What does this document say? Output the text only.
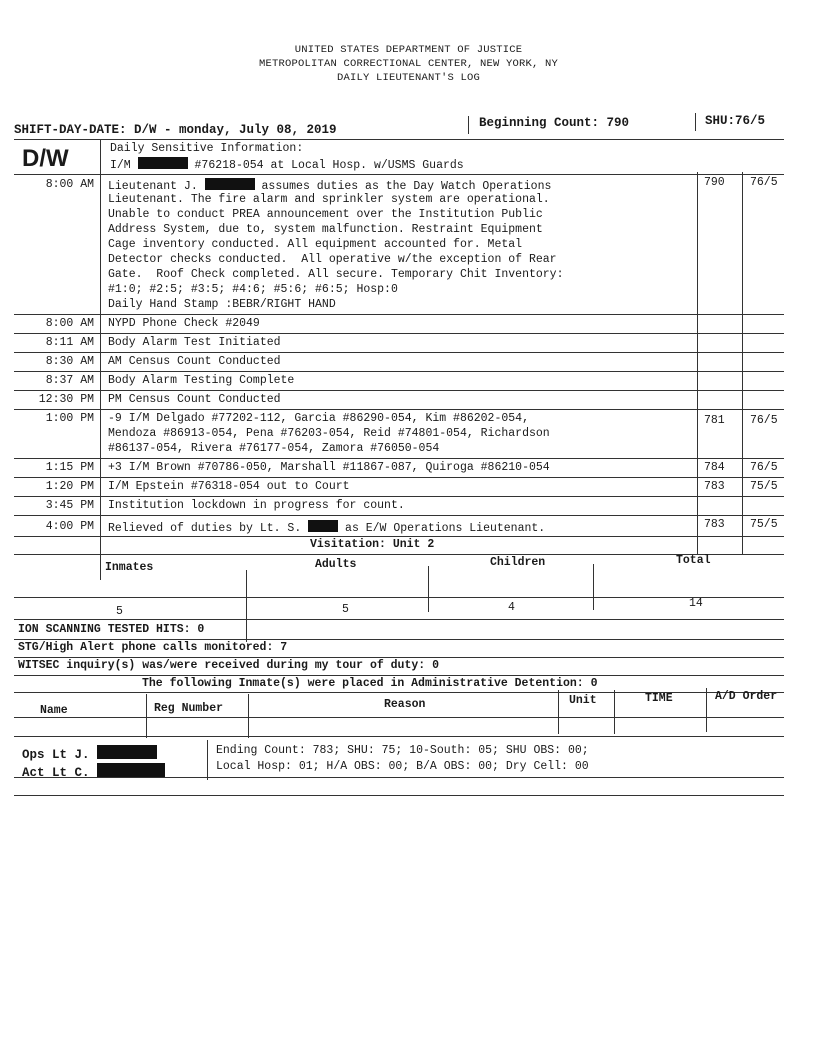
UNITED STATES DEPARTMENT OF JUSTICE
METROPOLITAN CORRECTIONAL CENTER, NEW YORK, NY
DAILY LIEUTENANT'S LOG
SHIFT-DAY-DATE: D/W - monday, July 08, 2019	Beginning Count: 790	SHU:76/5
D/W	Daily Sensitive Information:
I/M	#76218-054 at Local Hosp. w/USMS Guards
8:00 AM Lieutenant J.	assumes duties as the Day Watch Operations
Lieutenant. The fire alarm and sprinkler system are operational.
Unable to conduct PREA announcement over the Institution Public
Address System, due to, system malfunction. Restraint Equipment
Cage inventory conducted. All equipment accounted for. Metal
Detector checks conducted.  All operative w/the exception of Rear
Gate.  Roof Check completed. All secure. Temporary Chit Inventory:
#1:0; #2:5; #3:5; #4:6; #5:6; #6:5; Hosp:0
Daily Hand Stamp :BEBR/RIGHT HAND
790 76/5
8:00 AM NYPD Phone Check #2049
8:11 AM Body Alarm Test Initiated
8:30 AM AM Census Count Conducted
8:37 AM Body Alarm Testing Complete
12:30 PM PM Census Count Conducted
1:00 PM -9 I/M Delgado #77202-112, Garcia #86290-054, Kim #86202-054,
Mendoza #86913-054, Pena #76203-054, Reid #74801-054, Richardson
#86137-054, Rivera #76177-054, Zamora #76050-054
781 76/5
1:15 PM +3 I/M Brown #70786-050, Marshall #11867-087, Quiroga #86210-054	784 76/5
1:20 PM I/M Epstein #76318-054 out to Court	783 75/5
3:45 PM Institution lockdown in progress for count.
4:00 PM Relieved of duties by Lt. S.	as E/W Operations Lieutenant.	783 75/5
Visitation: Unit 2
Inmates	Adults	Children	Total
5	5	4	14
ION SCANNING TESTED HITS: 0
STG/High Alert phone calls monitored: 7
WITSEC inquiry(s) was/were received during my tour of duty: 0
The following Inmate(s) were placed in Administrative Detention: 0
Name	Reg Number	Reason	Unit	TIME	A/D Order
Ops Lt J.
Act Lt C.
Ending Count: 783; SHU: 75; 10-South: 05; SHU OBS: 00;
Local Hosp: 01; H/A OBS: 00; B/A OBS: 00; Dry Cell: 00
